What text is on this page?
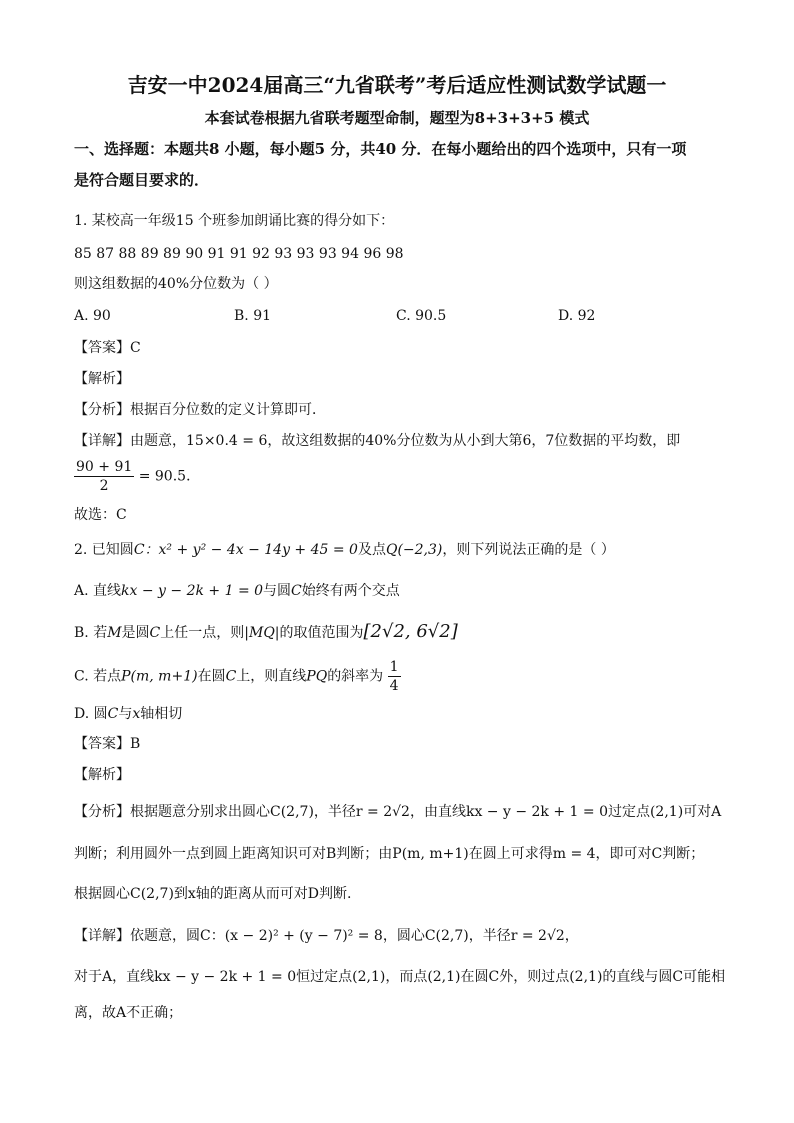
吉安一中2024届高三“九省联考”考后适应性测试数学试题一
本套试卷根据九省联考题型命制，题型为8+3+3+5 模式
一、选择题：本题共8 小题，每小题5 分，共40 分．在每小题给出的四个选项中，只有一项
是符合题目要求的．
1. 某校高一年级15 个班参加朗诵比赛的得分如下：
85 87 88 89 89 90 91 91 92 93 93 93 94 96 98
则这组数据的40%分位数为（ ）
A. 90	B. 91	C. 90.5	D. 92
【答案】C
【解析】
【分析】根据百分位数的定义计算即可．
【详解】由题意，15×0.4 = 6，故这组数据的40%分位数为从小到大第6，7位数据的平均数，即
$\frac{90 + 91}{2} = 90.5$．
故选：C
2. 已知圆C：x² + y² − 4x − 14y + 45 = 0及点Q(−2,3)，则下列说法正确的是（ ）
A. 直线kx − y − 2k + 1 = 0与圆C始终有两个交点
B. 若M是圆C上任一点，则|MQ|的取值范围为[2√2, 6√2]
C. 若点P(m, m+1)在圆C上，则直线PQ的斜率为 $\frac{1}{4}$
D. 圆C与x轴相切
【答案】B
【解析】
【分析】根据题意分别求出圆心C(2,7)，半径r = 2√2，由直线kx − y − 2k + 1 = 0过定点(2,1)可对A
判断；利用圆外一点到圆上距离知识可对B判断；由P(m, m+1)在圆上可求得m = 4，即可对C判断；
根据圆心C(2,7)到x轴的距离从而可对D判断.
【详解】依题意，圆C：(x − 2)² + (y − 7)² = 8，圆心C(2,7)，半径r = 2√2，
对于A，直线kx − y − 2k + 1 = 0恒过定点(2,1)，而点(2,1)在圆C外，则过点(2,1)的直线与圆C可能相
离，故A不正确；
